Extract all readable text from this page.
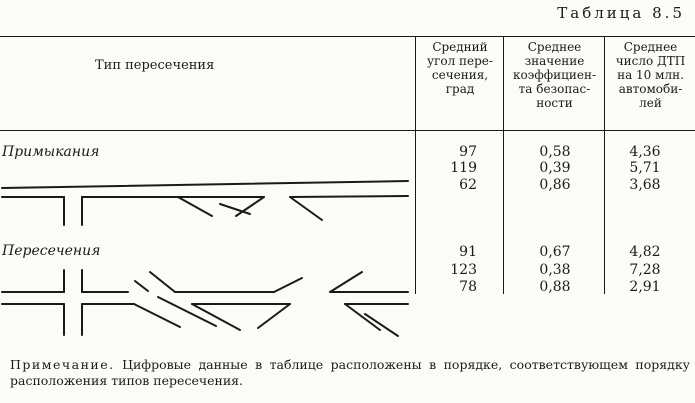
Таблица 8.5
Тип пересечения
Средний
угол пере-
сечения,
град
Среднее
значение
коэффициен-
та безопас-
ности
Среднее
число ДТП
на 10 млн.
автомоби-
лей
Примыкания
Пересечения
97
119
62
0,58
0,39
0,86
4,36
5,71
3,68
91
123
78
0,67
0,38
0,88
4,82
7,28
2,91
Примечание. Цифровые данные в таблице расположены в порядке, соответствующем порядку расположения типов пересечения.
